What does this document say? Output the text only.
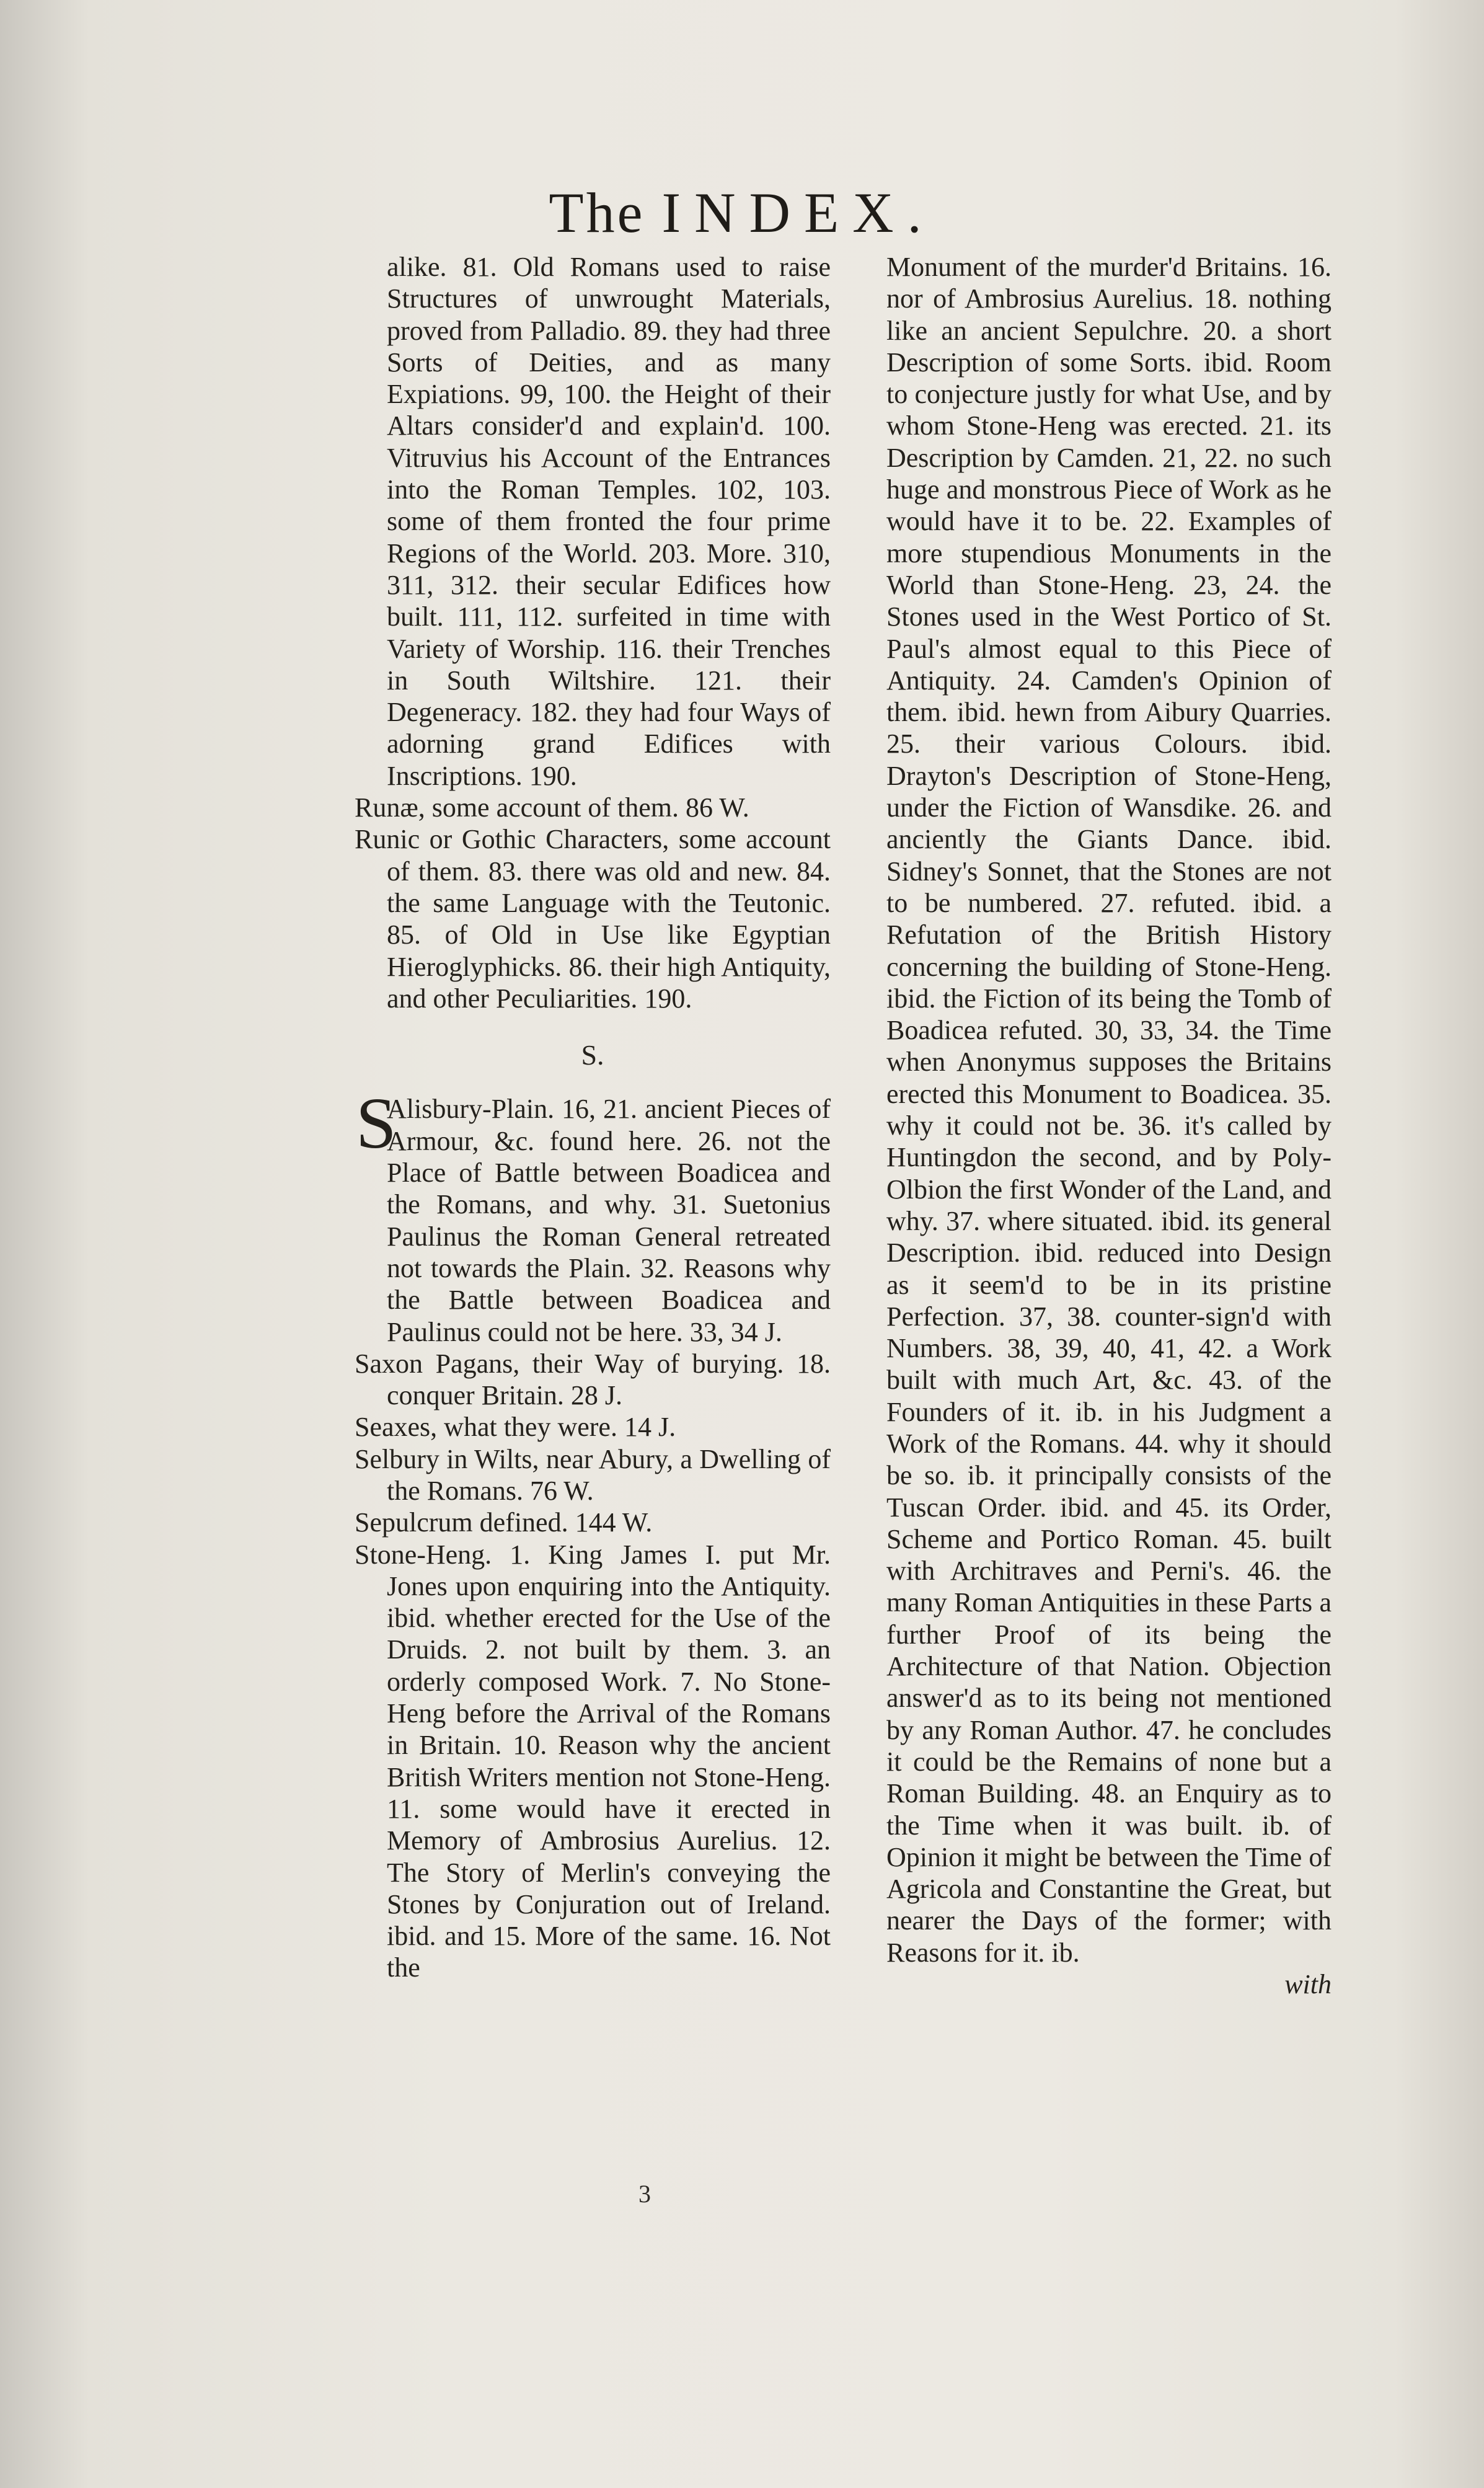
The INDEX.

alike. 81. Old Romans used to raise Structures of unwrought Materials, proved from Palladio. 89. they had three Sorts of Deities, and as many Expiations. 99, 100. the Height of their Altars consider'd and explain'd. 100. Vitruvius his Account of the Entrances into the Roman Temples. 102, 103. some of them fronted the four prime Regions of the World. 203. More. 310, 311, 312. their secular Edifices how built. 111, 112. surfeited in time with Variety of Worship. 116. their Trenches in South Wiltshire. 121. their Degeneracy. 182. they had four Ways of adorning grand Edifices with Inscriptions. 190.

Runæ, some account of them. 86 W.

Runic or Gothic Characters, some account of them. 83. there was old and new. 84. the same Language with the Teutonic. 85. of Old in Use like Egyptian Hieroglyphicks. 86. their high Antiquity, and other Peculiarities. 190.

S.

S
Alisbury-Plain. 16, 21. ancient Pieces of Armour, &c. found here. 26. not the Place of Battle between Boadicea and the Romans, and why. 31. Suetonius Paulinus the Roman General retreated not towards the Plain. 32. Reasons why the Battle between Boadicea and Paulinus could not be here. 33, 34 J.

Saxon Pagans, their Way of burying. 18. conquer Britain. 28 J.

Seaxes, what they were. 14 J.

Selbury in Wilts, near Abury, a Dwelling of the Romans. 76 W.

Sepulcrum defined. 144 W.

Stone-Heng. 1. King James I. put Mr. Jones upon enquiring into the Antiquity. ibid. whether erected for the Use of the Druids. 2. not built by them. 3. an orderly composed Work. 7. No Stone-Heng before the Arrival of the Romans in Britain. 10. Reason why the ancient British Writers mention not Stone-Heng. 11. some would have it erected in Memory of Ambrosius Aurelius. 12. The Story of Merlin's conveying the Stones by Conjuration out of Ireland. ibid. and 15. More of the same. 16. Not the

Monument of the murder'd Britains. 16. nor of Ambrosius Aurelius. 18. nothing like an ancient Sepulchre. 20. a short Description of some Sorts. ibid. Room to conjecture justly for what Use, and by whom Stone-Heng was erected. 21. its Description by Camden. 21, 22. no such huge and monstrous Piece of Work as he would have it to be. 22. Examples of more stupendious Monuments in the World than Stone-Heng. 23, 24. the Stones used in the West Portico of St. Paul's almost equal to this Piece of Antiquity. 24. Camden's Opinion of them. ibid. hewn from Aibury Quarries. 25. their various Colours. ibid. Drayton's Description of Stone-Heng, under the Fiction of Wansdike. 26. and anciently the Giants Dance. ibid. Sidney's Sonnet, that the Stones are not to be numbered. 27. refuted. ibid. a Refutation of the British History concerning the building of Stone-Heng. ibid. the Fiction of its being the Tomb of Boadicea refuted. 30, 33, 34. the Time when Anonymus supposes the Britains erected this Monument to Boadicea. 35. why it could not be. 36. it's called by Huntingdon the second, and by Poly-Olbion the first Wonder of the Land, and why. 37. where situated. ibid. its general Description. ibid. reduced into Design as it seem'd to be in its pristine Perfection. 37, 38. counter-sign'd with Numbers. 38, 39, 40, 41, 42. a Work built with much Art, &c. 43. of the Founders of it. ib. in his Judgment a Work of the Romans. 44. why it should be so. ib. it principally consists of the Tuscan Order. ibid. and 45. its Order, Scheme and Portico Roman. 45. built with Architraves and Perni's. 46. the many Roman Antiquities in these Parts a further Proof of its being the Architecture of that Nation. Objection answer'd as to its being not mentioned by any Roman Author. 47. he concludes it could be the Remains of none but a Roman Building. 48. an Enquiry as to the Time when it was built. ib. of Opinion it might be between the Time of Agricola and Constantine the Great, but nearer the Days of the former; with Reasons for it. ib.

with

3
